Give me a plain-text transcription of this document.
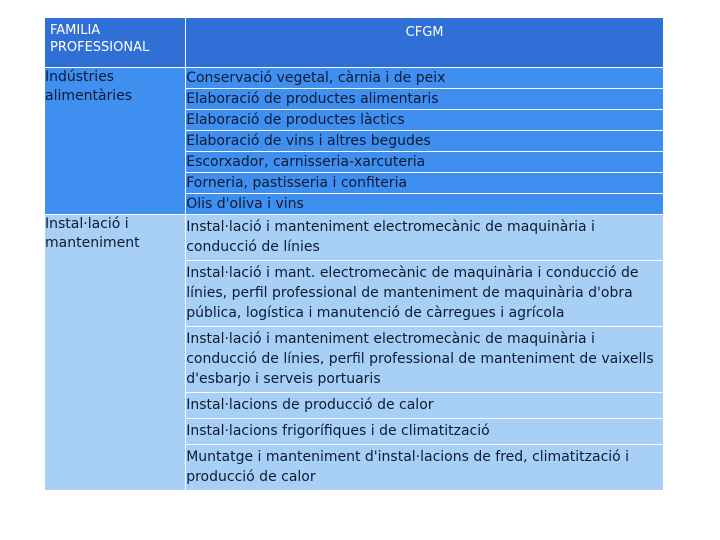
FAMILIA PROFESSIONAL	CFGM
Indústries alimentàries	Conservació vegetal, càrnia i de peix
	Elaboració de productes alimentaris
	Elaboració de productes làctics
	Elaboració de vins i altres begudes
	Escorxador, carnisseria-xarcuteria
	Forneria, pastisseria i confiteria
	Olis d'oliva i vins
Instal·lació i manteniment	Instal·lació i manteniment electromecànic de maquinària i conducció de línies
	Instal·lació i mant. electromecànic de maquinària i conducció de línies, perfil professional de manteniment de maquinària d'obra pública, logística i manutenció de càrregues i agrícola
	Instal·lació i manteniment electromecànic de maquinària i conducció de línies, perfil professional de manteniment de vaixells d'esbarjo i serveis portuaris
	Instal·lacions de producció de calor
	Instal·lacions frigorífiques i de climatització
	Muntatge i manteniment d'instal·lacions de fred, climatització i producció de calor
